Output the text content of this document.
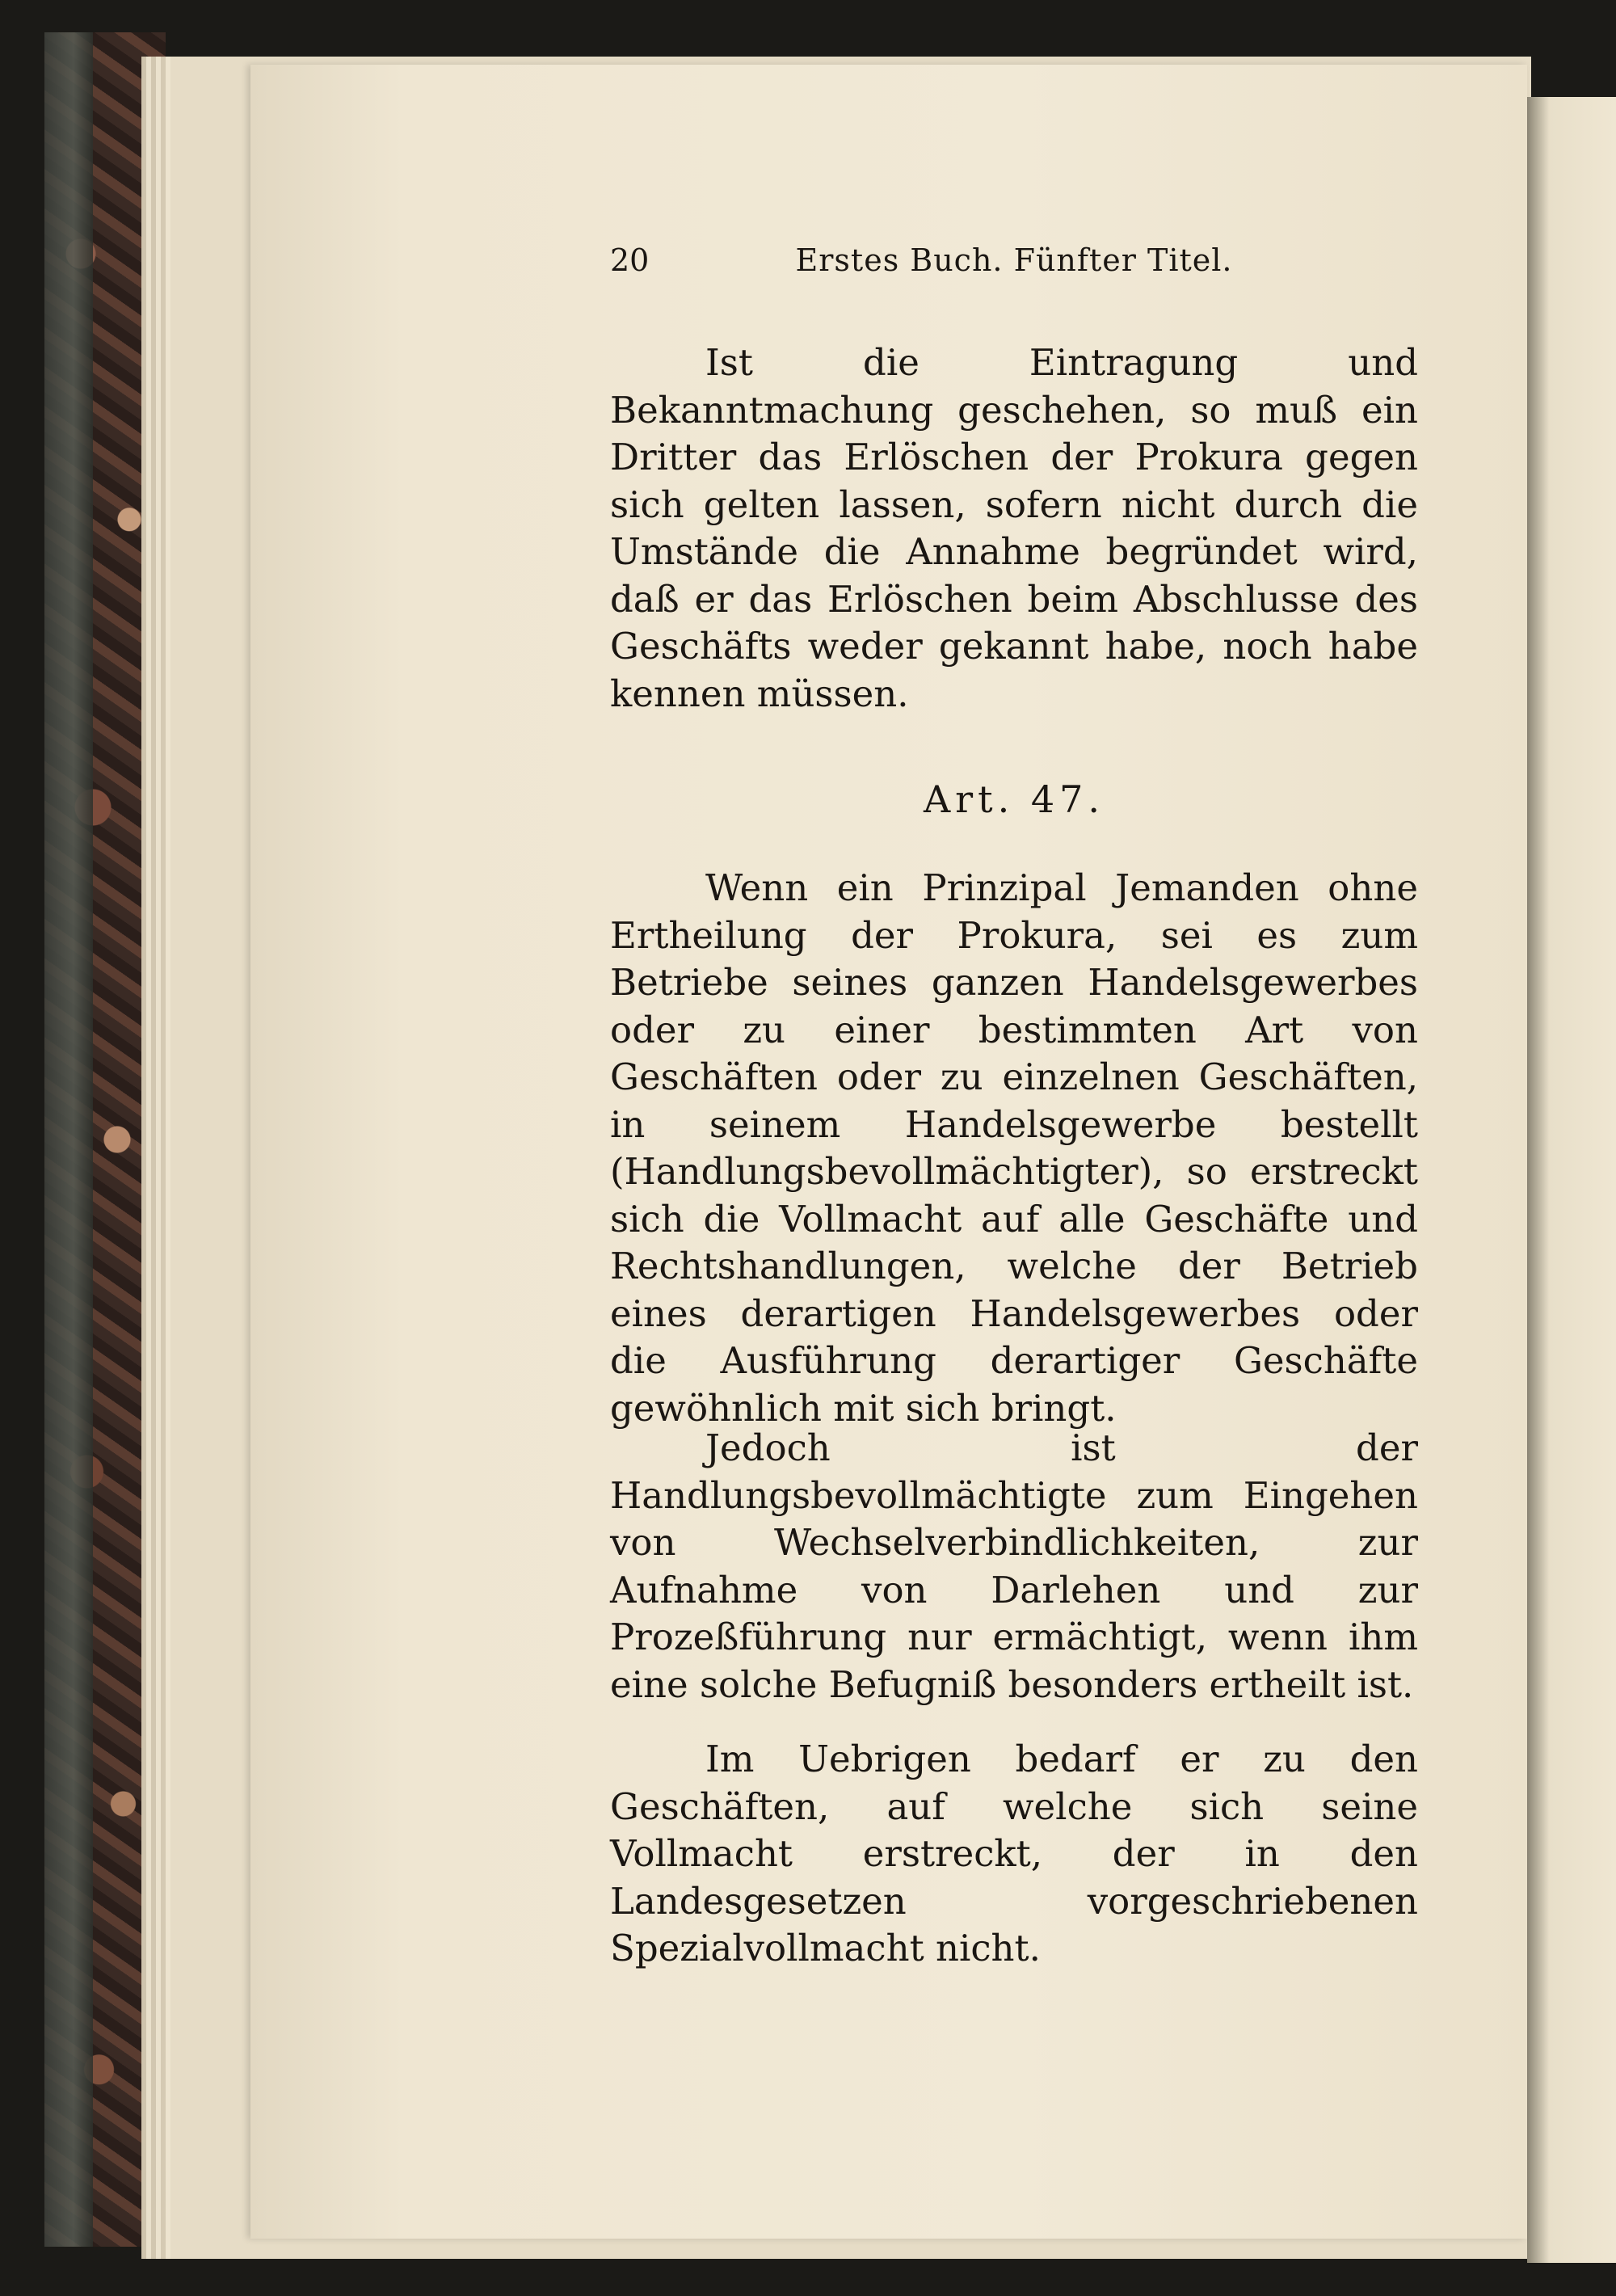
20	Erstes Buch. Fünfter Titel.
Ist die Eintragung und Bekanntmachung geschehen, so muß ein Dritter das Erlöschen der Prokura gegen sich gelten lassen, sofern nicht durch die Umstände die Annahme begründet wird, daß er das Erlöschen beim Abschlusse des Geschäfts weder gekannt habe, noch habe kennen müssen.
Art. 47.
Wenn ein Prinzipal Jemanden ohne Ertheilung der Prokura, sei es zum Betriebe seines ganzen Handelsgewerbes oder zu einer bestimmten Art von Geschäften oder zu einzelnen Geschäften, in seinem Handelsgewerbe bestellt (Handlungsbevollmächtigter), so erstreckt sich die Vollmacht auf alle Geschäfte und Rechtshandlungen, welche der Betrieb eines derartigen Handelsgewerbes oder die Ausführung derartiger Geschäfte gewöhnlich mit sich bringt.
Jedoch ist der Handlungsbevollmächtigte zum Eingehen von Wechselverbindlichkeiten, zur Aufnahme von Darlehen und zur Prozeßführung nur ermächtigt, wenn ihm eine solche Befugniß besonders ertheilt ist.
Im Uebrigen bedarf er zu den Geschäften, auf welche sich seine Vollmacht erstreckt, der in den Landesgesetzen vorgeschriebenen Spezialvollmacht nicht.
